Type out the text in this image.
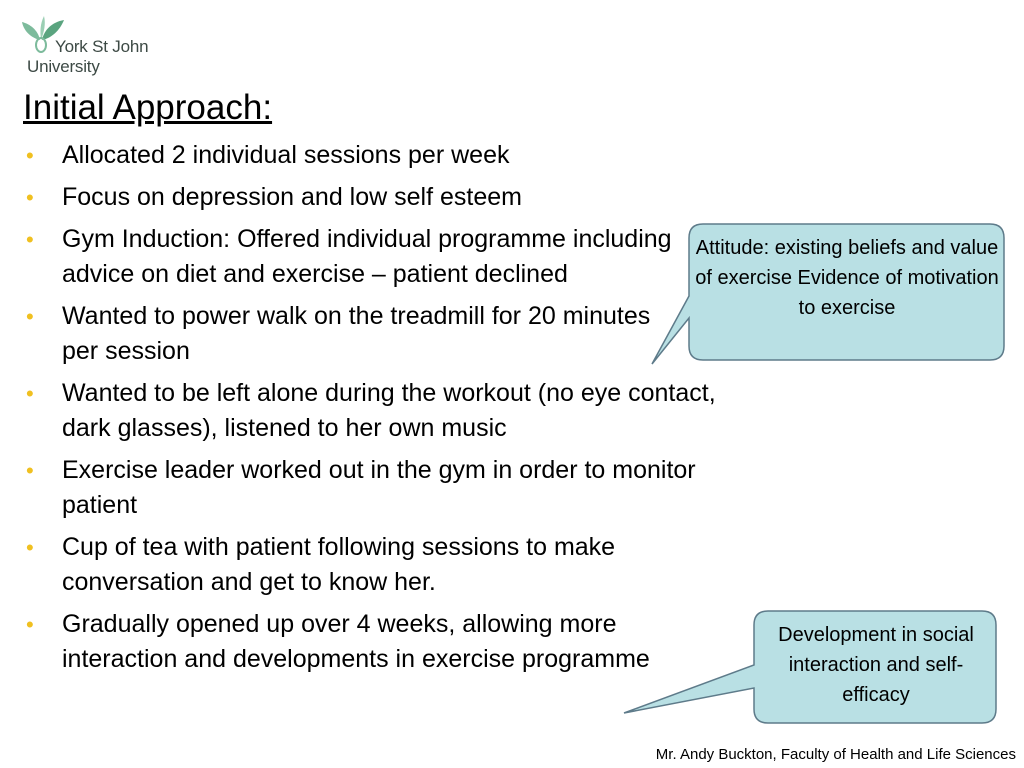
York St John
University
Initial Approach:
• Allocated 2 individual sessions per week
• Focus on depression and low self esteem
• Gym Induction: Offered individual programme including advice on diet and exercise – patient declined
• Wanted to power walk on the treadmill for 20 minutes per session
• Wanted to be left alone during the workout (no eye contact, dark glasses), listened to her own music
• Exercise leader worked out in the gym in order to monitor patient
• Cup of tea with patient following sessions to make conversation and get to know her.
• Gradually opened up over 4 weeks, allowing more interaction and developments in exercise programme
Attitude: existing beliefs and value of exercise Evidence of motivation to exercise
Development in social interaction and self-efficacy
Mr. Andy Buckton, Faculty of Health and Life Sciences
